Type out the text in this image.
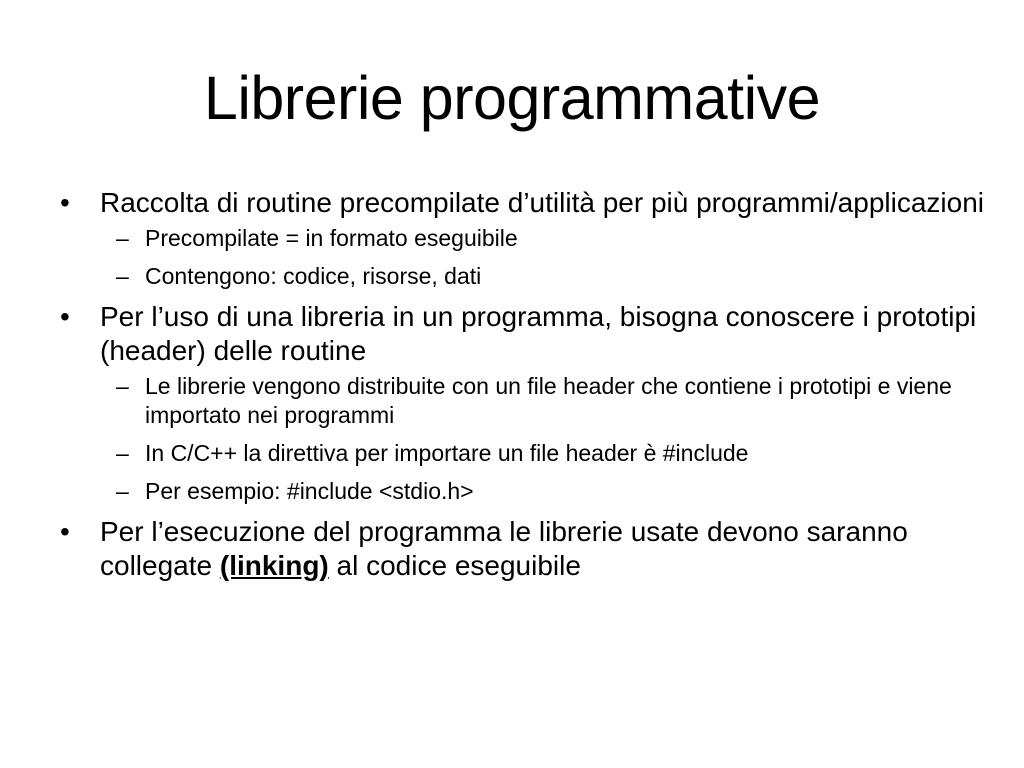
Librerie programmative
• Raccolta di routine precompilate d’utilità per più programmi/applicazioni
– Precompilate = in formato eseguibile
– Contengono: codice, risorse, dati
• Per l’uso di una libreria in un programma, bisogna conoscere i prototipi (header) delle routine
– Le librerie vengono distribuite con un file header che contiene i prototipi e viene importato nei programmi
– In C/C++ la direttiva per importare un file header è #include
– Per esempio: #include <stdio.h>
• Per l’esecuzione del programma le librerie usate devono saranno collegate (linking) al codice eseguibile
